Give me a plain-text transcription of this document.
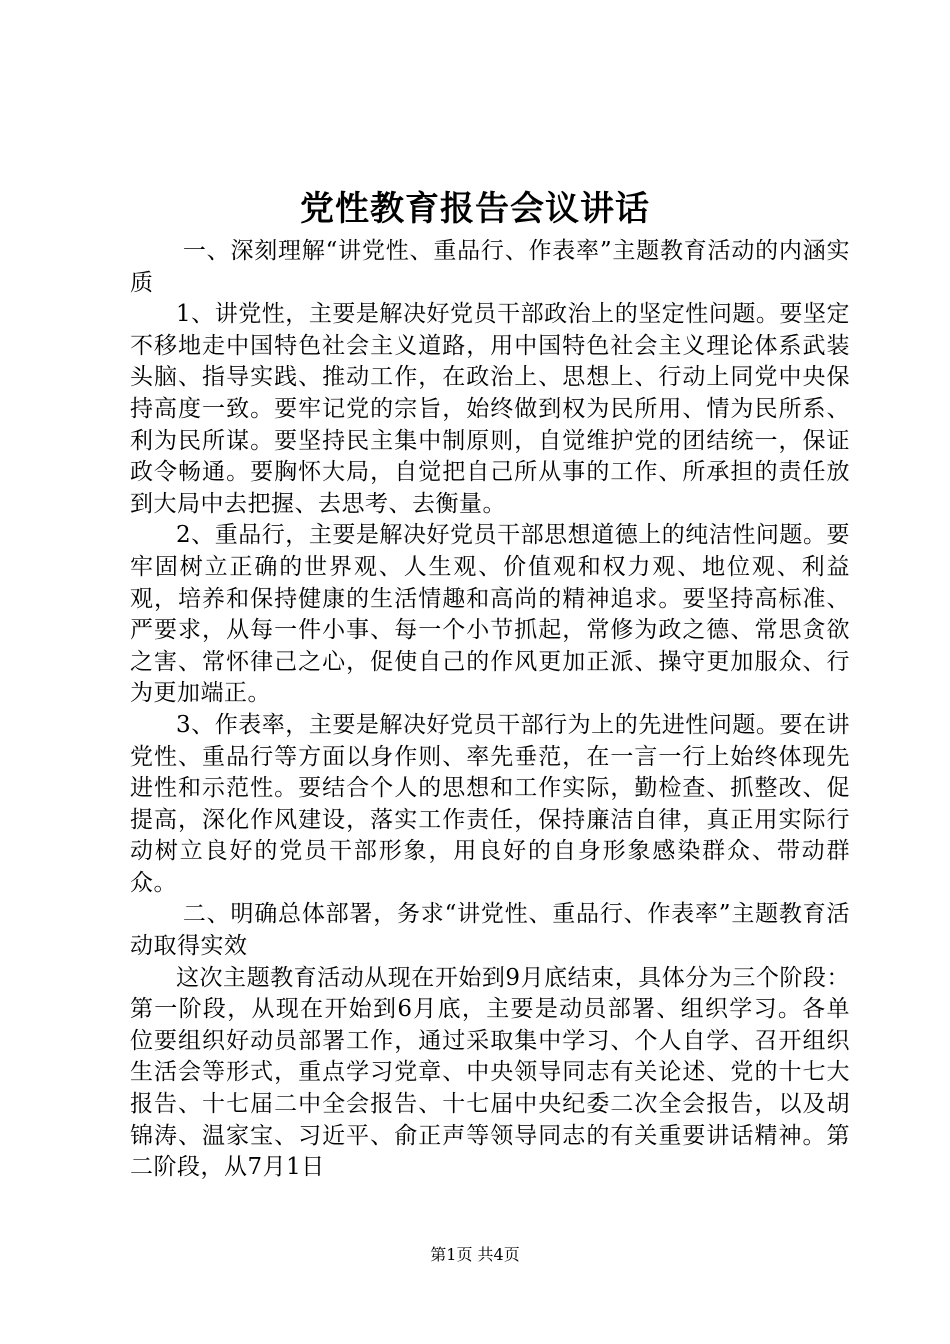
党性教育报告会议讲话

一、深刻理解“讲党性、重品行、作表率”主题教育活动的内涵实质

1、讲党性，主要是解决好党员干部政治上的坚定性问题。要坚定不移地走中国特色社会主义道路，用中国特色社会主义理论体系武装头脑、指导实践、推动工作，在政治上、思想上、行动上同党中央保持高度一致。要牢记党的宗旨，始终做到权为民所用、情为民所系、利为民所谋。要坚持民主集中制原则，自觉维护党的团结统一，保证政令畅通。要胸怀大局，自觉把自己所从事的工作、所承担的责任放到大局中去把握、去思考、去衡量。

2、重品行，主要是解决好党员干部思想道德上的纯洁性问题。要牢固树立正确的世界观、人生观、价值观和权力观、地位观、利益观，培养和保持健康的生活情趣和高尚的精神追求。要坚持高标准、严要求，从每一件小事、每一个小节抓起，常修为政之德、常思贪欲之害、常怀律己之心，促使自己的作风更加正派、操守更加服众、行为更加端正。

3、作表率，主要是解决好党员干部行为上的先进性问题。要在讲党性、重品行等方面以身作则、率先垂范，在一言一行上始终体现先进性和示范性。要结合个人的思想和工作实际，勤检查、抓整改、促提高，深化作风建设，落实工作责任，保持廉洁自律，真正用实际行动树立良好的党员干部形象，用良好的自身形象感染群众、带动群众。

二、明确总体部署，务求“讲党性、重品行、作表率”主题教育活动取得实效

这次主题教育活动从现在开始到9月底结束，具体分为三个阶段：第一阶段，从现在开始到6月底，主要是动员部署、组织学习。各单位要组织好动员部署工作，通过采取集中学习、个人自学、召开组织生活会等形式，重点学习党章、中央领导同志有关论述、党的十七大报告、十七届二中全会报告、十七届中央纪委二次全会报告，以及胡锦涛、温家宝、习近平、俞正声等领导同志的有关重要讲话精神。第二阶段，从7月1日

第1页 共4页
